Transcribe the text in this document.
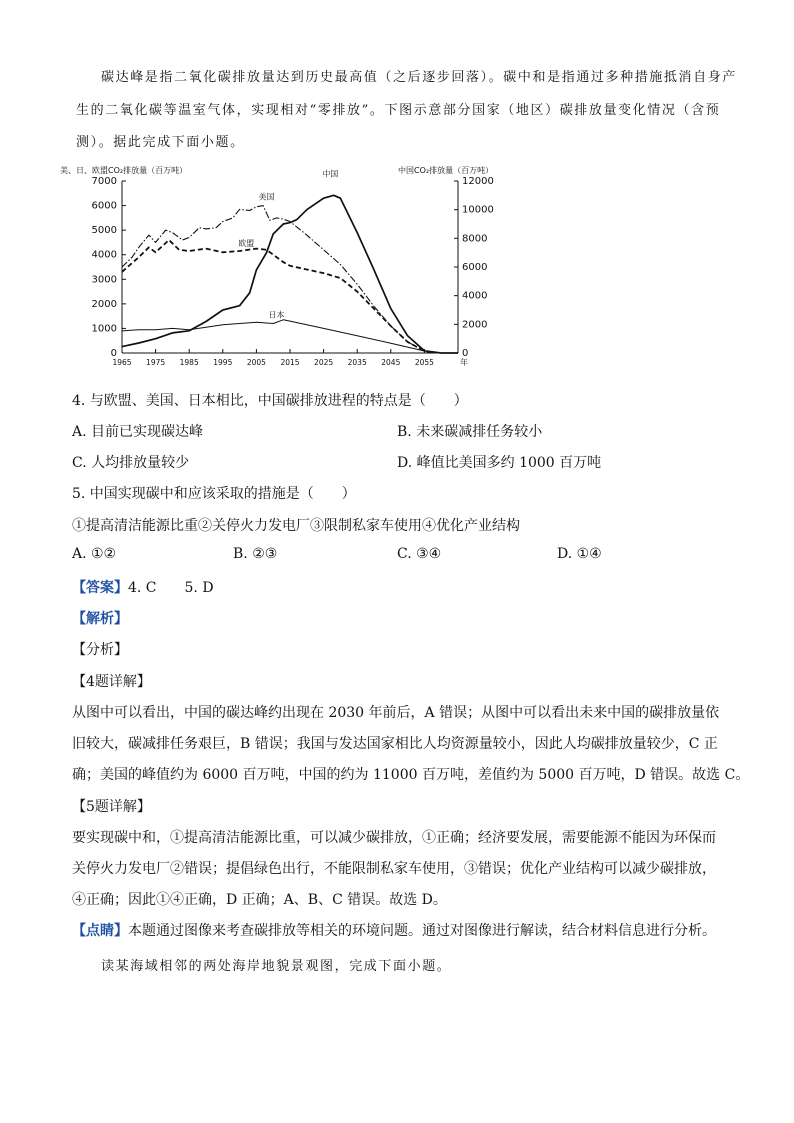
碳达峰是指二氧化碳排放量达到历史最高值（之后逐步回落）。碳中和是指通过多种措施抵消自身产
生的二氧化碳等温室气体，实现相对“零排放”。下图示意部分国家（地区）碳排放量变化情况（含预
测）。据此完成下面小题。
美、日、欧盟CO₂排放量（百万吨）	中国CO₂排放量（百万吨）
0
1000
2000
3000
4000
5000
6000
7000
0
2000
4000
6000
8000
10000
12000
1965 1975 1985 1995 2005 2015 2025 2035 2045 2055	年
中国
美国
欧盟
日本
4. 与欧盟、美国、日本相比，中国碳排放进程的特点是（　　）
A. 目前已实现碳达峰	B. 未来碳减排任务较小
C. 人均排放量较少	D. 峰值比美国多约 1000 百万吨
5. 中国实现碳中和应该采取的措施是（　　）
①提高清洁能源比重②关停火力发电厂③限制私家车使用④优化产业结构
A. ①②	B. ②③	C. ③④	D. ①④
【答案】4. C　　5. D
【解析】
【分析】
【4题详解】
从图中可以看出，中国的碳达峰约出现在 2030 年前后，A 错误；从图中可以看出未来中国的碳排放量依
旧较大，碳减排任务艰巨，B 错误；我国与发达国家相比人均资源量较小，因此人均碳排放量较少，C 正
确；美国的峰值约为 6000 百万吨，中国的约为 11000 百万吨，差值约为 5000 百万吨，D 错误。故选 C。
【5题详解】
要实现碳中和，①提高清洁能源比重，可以减少碳排放，①正确；经济要发展，需要能源不能因为环保而
关停火力发电厂②错误；提倡绿色出行，不能限制私家车使用，③错误；优化产业结构可以减少碳排放，
④正确；因此①④正确，D 正确；A、B、C 错误。故选 D。
【点睛】本题通过图像来考查碳排放等相关的环境问题。通过对图像进行解读，结合材料信息进行分析。
读某海域相邻的两处海岸地貌景观图，完成下面小题。
